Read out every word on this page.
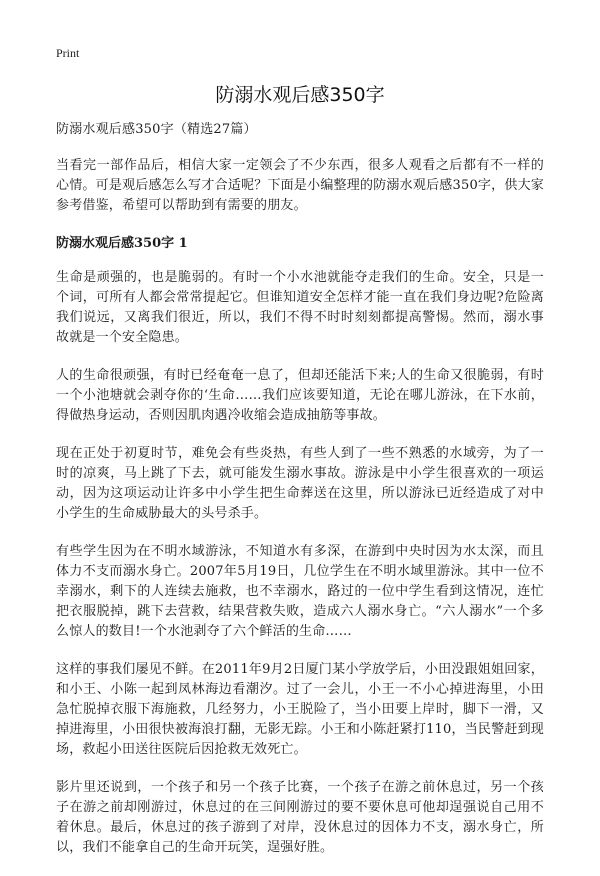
Print
防溺水观后感350字

防溺水观后感350字（精选27篇）

当看完一部作品后，相信大家一定领会了不少东西，很多人观看之后都有不一样的心情。可是观后感怎么写才合适呢？下面是小编整理的防溺水观后感350字，供大家参考借鉴，希望可以帮助到有需要的朋友。

防溺水观后感350字 1

生命是顽强的，也是脆弱的。有时一个小水池就能夺走我们的生命。安全，只是一个词，可所有人都会常常提起它。但谁知道安全怎样才能一直在我们身边呢?危险离我们说远，又离我们很近，所以，我们不得不时时刻刻都提高警惕。然而，溺水事故就是一个安全隐患。

人的生命很顽强，有时已经奄奄一息了，但却还能活下来;人的生命又很脆弱，有时一个小池塘就会剥夺你的‘生命……我们应该要知道，无论在哪儿游泳，在下水前，得做热身运动，否则因肌肉遇冷收缩会造成抽筋等事故。

现在正处于初夏时节，难免会有些炎热，有些人到了一些不熟悉的水域旁，为了一时的凉爽，马上跳了下去，就可能发生溺水事故。游泳是中小学生很喜欢的一项运动，因为这项运动让许多中小学生把生命葬送在这里，所以游泳已近经造成了对中小学生的生命威胁最大的头号杀手。

有些学生因为在不明水域游泳，不知道水有多深，在游到中央时因为水太深，而且体力不支而溺水身亡。2007年5月19日，几位学生在不明水域里游泳。其中一位不幸溺水，剩下的人连续去施救，也不幸溺水，路过的一位中学生看到这情况，连忙把衣服脱掉，跳下去营救，结果营救失败，造成六人溺水身亡。“六人溺水”一个多么惊人的数目!一个水池剥夺了六个鲜活的生命……

这样的事我们屡见不鲜。在2011年9月2日厦门某小学放学后，小田没跟姐姐回家，和小王、小陈一起到凤林海边看潮汐。过了一会儿，小王一不小心掉进海里，小田急忙脱掉衣服下海施救，几经努力，小王脱险了，当小田要上岸时，脚下一滑，又掉进海里，小田很快被海浪打翻，无影无踪。小王和小陈赶紧打110，当民警赶到现场，救起小田送往医院后因抢救无效死亡。

影片里还说到，一个孩子和另一个孩子比赛，一个孩子在游之前休息过，另一个孩子在游之前却刚游过，休息过的在三间刚游过的要不要休息可他却逞强说自己用不着休息。最后，休息过的孩子游到了对岸，没休息过的因体力不支，溺水身亡，所以，我们不能拿自己的生命开玩笑，逞强好胜。
